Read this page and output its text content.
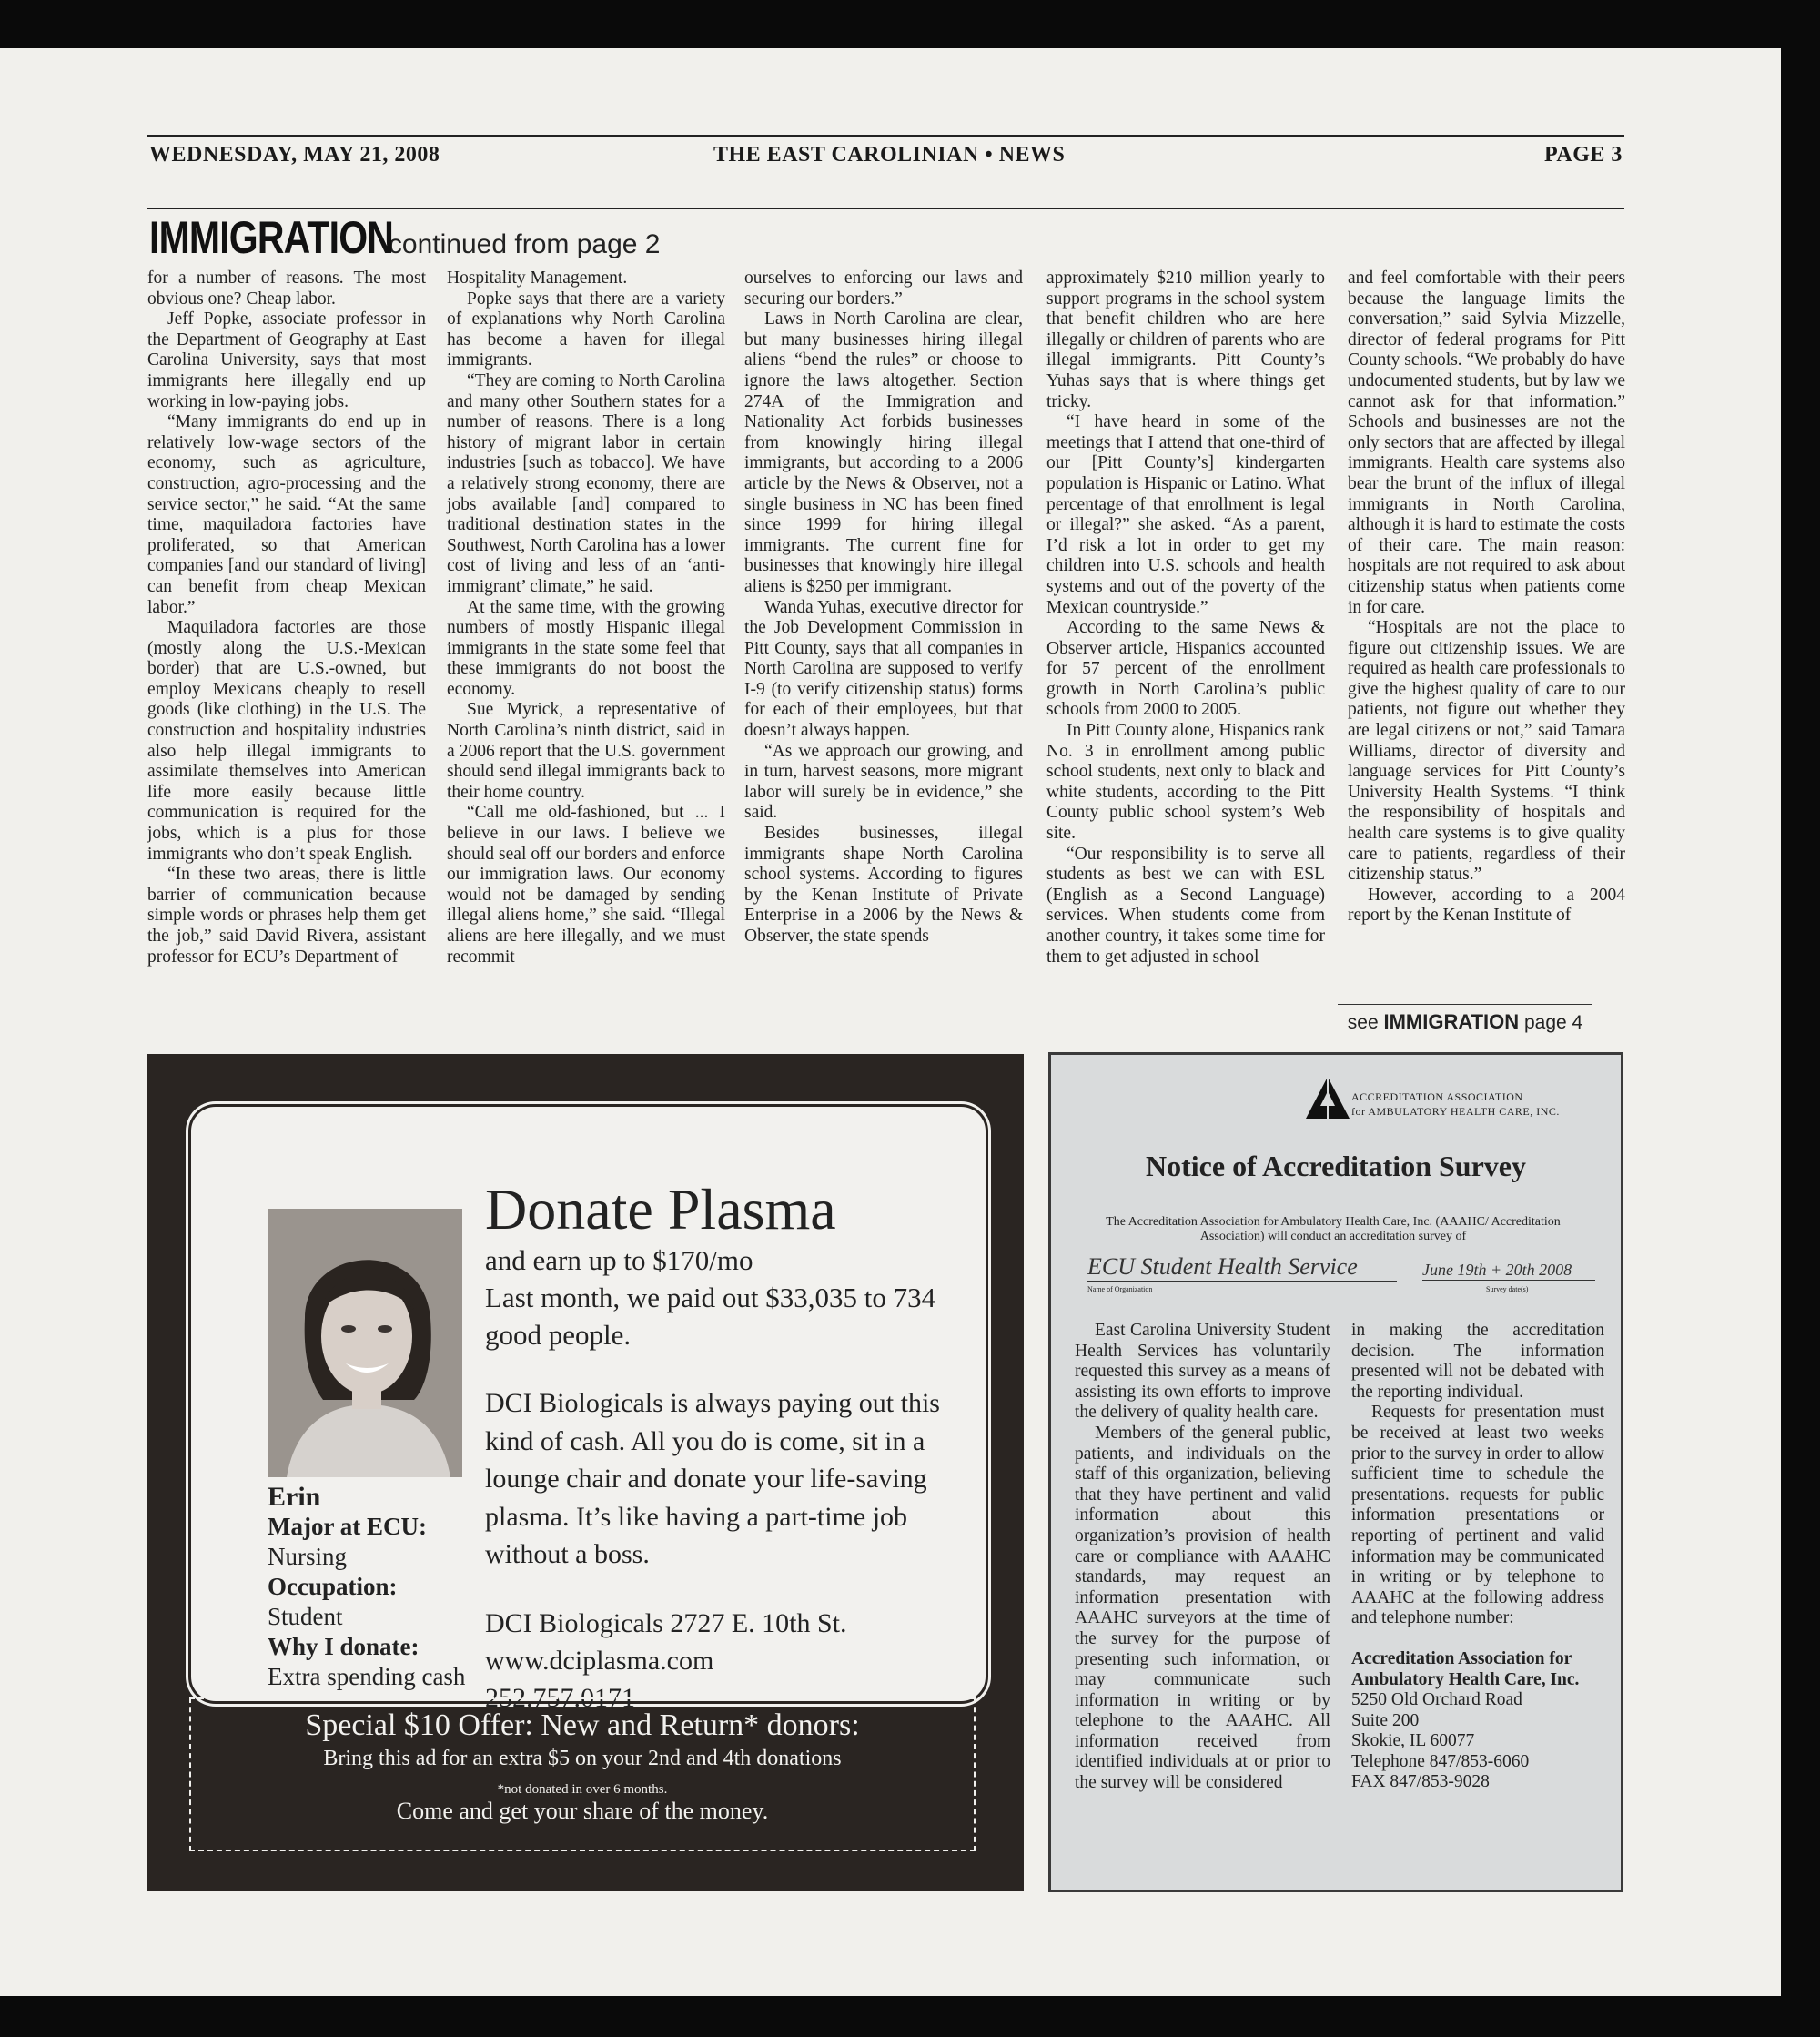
WEDNESDAY, MAY 21, 2008	THE EAST CAROLINIAN • NEWS	PAGE 3
IMMIGRATION
continued from page 2

for a number of reasons. The most obvious one? Cheap labor.

Jeff Popke, associate professor in the Department of Geography at East Carolina University, says that most immigrants here illegally end up working in low-paying jobs.

“Many immigrants do end up in relatively low-wage sectors of the economy, such as agriculture, construction, agro-processing and the service sector,” he said. “At the same time, maquiladora factories have proliferated, so that American companies [and our standard of living] can benefit from cheap Mexican labor.”

Maquiladora factories are those (mostly along the U.S.-Mexican border) that are U.S.-owned, but employ Mexicans cheaply to resell goods (like clothing) in the U.S. The construction and hospitality industries also help illegal immigrants to assimilate themselves into American life more easily because little communication is required for the jobs, which is a plus for those immigrants who don’t speak English.

“In these two areas, there is little barrier of communication because simple words or phrases help them get the job,” said David Rivera, assistant professor for ECU’s Department of

Hospitality Management.

Popke says that there are a variety of explanations why North Carolina has become a haven for illegal immigrants.

“They are coming to North Carolina and many other Southern states for a number of reasons. There is a long history of migrant labor in certain industries [such as tobacco]. We have a relatively strong economy, there are jobs available [and] compared to traditional destination states in the Southwest, North Carolina has a lower cost of living and less of an ‘anti-immigrant’ climate,” he said.

At the same time, with the growing numbers of mostly Hispanic illegal immigrants in the state some feel that these immigrants do not boost the economy.

Sue Myrick, a representative of North Carolina’s ninth district, said in a 2006 report that the U.S. government should send illegal immigrants back to their home country.

“Call me old-fashioned, but ... I believe in our laws. I believe we should seal off our borders and enforce our immigration laws. Our economy would not be damaged by sending illegal aliens home,” she said. “Illegal aliens are here illegally, and we must recommit

ourselves to enforcing our laws and securing our borders.”

Laws in North Carolina are clear, but many businesses hiring illegal aliens “bend the rules” or choose to ignore the laws altogether. Section 274A of the Immigration and Nationality Act forbids businesses from knowingly hiring illegal immigrants, but according to a 2006 article by the News & Observer, not a single business in NC has been fined since 1999 for hiring illegal immigrants. The current fine for businesses that knowingly hire illegal aliens is $250 per immigrant.

Wanda Yuhas, executive director for the Job Development Commission in Pitt County, says that all companies in North Carolina are supposed to verify I-9 (to verify citizenship status) forms for each of their employees, but that doesn’t always happen.

“As we approach our growing, and in turn, harvest seasons, more migrant labor will surely be in evidence,” she said.

Besides businesses, illegal immigrants shape North Carolina school systems. According to figures by the Kenan Institute of Private Enterprise in a 2006 by the News & Observer, the state spends

approximately $210 million yearly to support programs in the school system that benefit children who are here illegally or children of parents who are illegal immigrants. Pitt County’s Yuhas says that is where things get tricky.

“I have heard in some of the meetings that I attend that one-third of our [Pitt County’s] kindergarten population is Hispanic or Latino. What percentage of that enrollment is legal or illegal?” she asked. “As a parent, I’d risk a lot in order to get my children into U.S. schools and health systems and out of the poverty of the Mexican countryside.”

According to the same News & Observer article, Hispanics accounted for 57 percent of the enrollment growth in North Carolina’s public schools from 2000 to 2005.

In Pitt County alone, Hispanics rank No. 3 in enrollment among public school students, next only to black and white students, according to the Pitt County public school system’s Web site.

“Our responsibility is to serve all students as best we can with ESL (English as a Second Language) services. When students come from another country, it takes some time for them to get adjusted in school

and feel comfortable with their peers because the language limits the conversation,” said Sylvia Mizzelle, director of federal programs for Pitt County schools. “We probably do have undocumented students, but by law we cannot ask for that information.” Schools and businesses are not the only sectors that are affected by illegal immigrants. Health care systems also bear the brunt of the influx of illegal immigrants in North Carolina, although it is hard to estimate the costs of their care. The main reason: hospitals are not required to ask about citizenship status when patients come in for care.

“Hospitals are not the place to figure out citizenship issues. We are required as health care professionals to give the highest quality of care to our patients, not figure out whether they are legal citizens or not,” said Tamara Williams, director of diversity and language services for Pitt County’s University Health Systems. “I think the responsibility of hospitals and health care systems is to give quality care to patients, regardless of their citizenship status.”

However, according to a 2004 report by the Kenan Institute of

see IMMIGRATION page 4
Erin
Major at ECU:
Nursing
Occupation:
Student
Why I donate:
Extra spending cash
Donate Plasma
and earn up to $170/mo
Last month, we paid out $33,035 to 734 good people.
DCI Biologicals is always paying out this kind of cash. All you do is come, sit in a lounge chair and donate your life-saving plasma. It’s like having a part-time job without a boss.
DCI Biologicals 2727 E. 10th St.
www.dciplasma.com
252.757.0171
Special $10 Offer: New and Return* donors:
Bring this ad for an extra $5 on your 2nd and 4th donations
*not donated in over 6 months.
Come and get your share of the money.
ACCREDITATION ASSOCIATION
for AMBULATORY HEALTH CARE, INC.
Notice of Accreditation Survey
The Accreditation Association for Ambulatory Health Care, Inc. (AAAHC/ Accreditation Association) will conduct an accreditation survey of
ECU Student Health Service	June 19th + 20th 2008
Name of Organization	Survey date(s)

East Carolina University Student Health Services has voluntarily requested this survey as a means of assisting its own efforts to improve the delivery of quality health care.

Members of the general public, patients, and individuals on the staff of this organization, believing that they have pertinent and valid information about this organization’s provision of health care or compliance with AAAHC standards, may request an information presentation with AAAHC surveyors at the time of the survey for the purpose of presenting such information, or may communicate such information in writing or by telephone to the AAAHC. All information received from identified individuals at or prior to the survey will be considered

in making the accreditation decision. The information presented will not be debated with the reporting individual.

Requests for presentation must be received at least two weeks prior to the survey in order to allow sufficient time to schedule the presentations. requests for public information presentations or reporting of pertinent and valid information may be communicated in writing or by telephone to AAAHC at the following address and telephone number:

Accreditation Association for Ambulatory Health Care, Inc.
5250 Old Orchard Road
Suite 200
Skokie, IL 60077
Telephone 847/853-6060
FAX 847/853-9028
